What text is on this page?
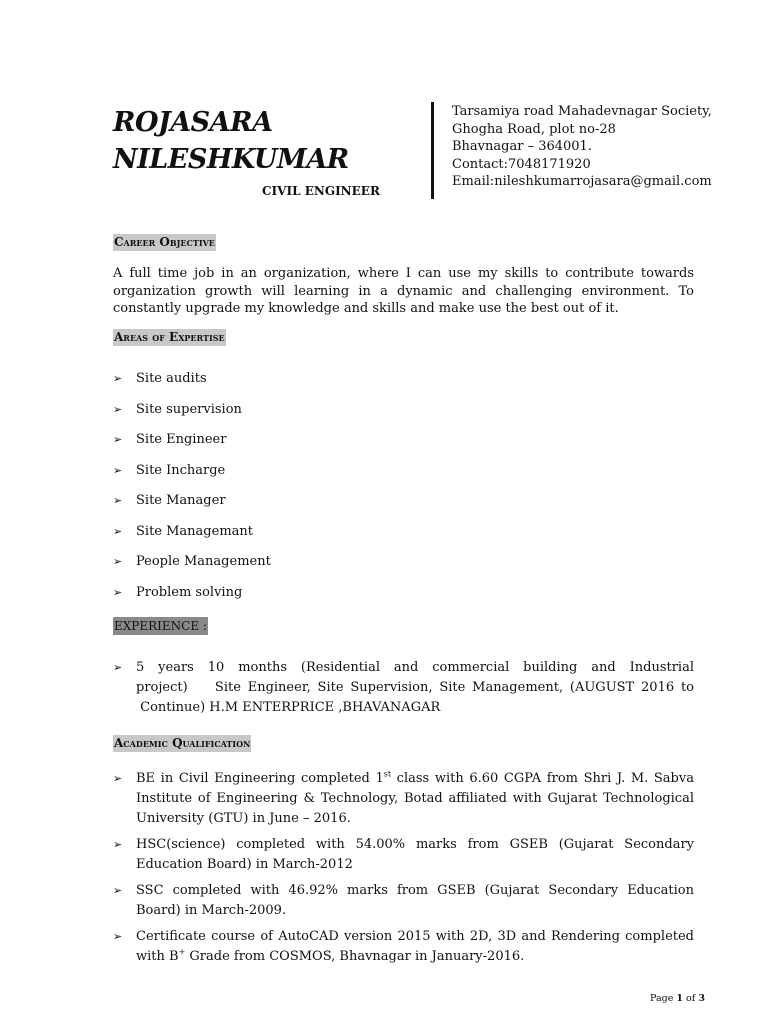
ROJASARA
NILESHKUMAR
CIVIL ENGINEER
Tarsamiya road Mahadevnagar Society,
Ghogha Road, plot no-28
Bhavnagar – 364001.
Contact:7048171920
Email:nileshkumarrojasara@gmail.com
Career Objective
A full time job in an organization, where I can use my skills to contribute towards organization growth will learning in a dynamic and challenging environment. To constantly upgrade my knowledge and skills and make use the best out of it.
Areas of Expertise
➢ Site audits
➢ Site supervision
➢ Site Engineer
➢ Site Incharge
➢ Site Manager
➢ Site Managemant
➢ People Management
➢ Problem solving
EXPERIENCE :
➢ 5 years 10 months (Residential and commercial building and Industrial project)    Site Engineer, Site Supervision, Site Management, (AUGUST 2016 to  Continue) H.M ENTERPRICE ,BHAVANAGAR
Academic Qualification
➢ BE in Civil Engineering completed 1st class with 6.60 CGPA from Shri J. M. Sabva Institute of Engineering & Technology, Botad affiliated with Gujarat Technological University (GTU) in June – 2016.
➢ HSC(science) completed with 54.00% marks from GSEB (Gujarat Secondary Education Board) in March-2012
➢ SSC completed with 46.92% marks from GSEB (Gujarat Secondary Education Board) in March-2009.
➢ Certificate course of AutoCAD version 2015 with 2D, 3D and Rendering completed with B+ Grade from COSMOS, Bhavnagar in January-2016.
Page 1 of 3
